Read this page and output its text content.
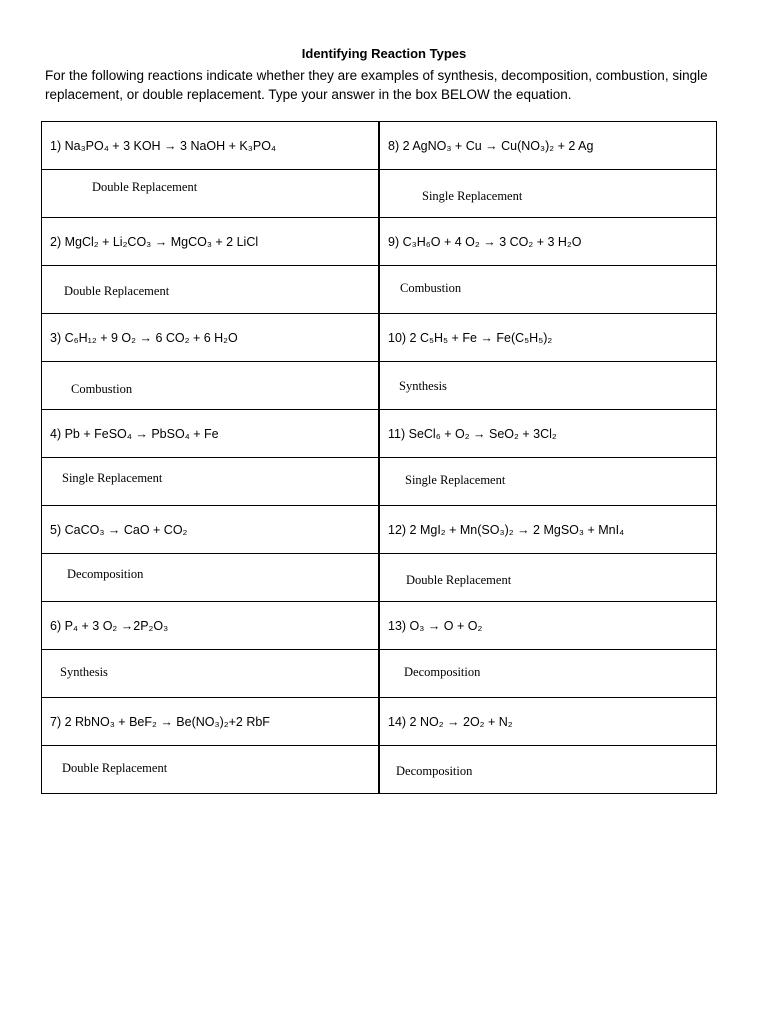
Identifying Reaction Types

For the following reactions indicate whether they are examples of synthesis, decomposition, combustion, single replacement, or double replacement. Type your answer in the box BELOW the equation.

1) Na₃PO₄ + 3 KOH → 3 NaOH + K₃PO₄	8) 2 AgNO₃ + Cu → Cu(NO₃)₂ + 2 Ag

Double Replacement	Single Replacement

2) MgCl₂ + Li₂CO₃ → MgCO₃ + 2 LiCl	9) C₃H₆O + 4 O₂ → 3 CO₂ + 3 H₂O

Double Replacement	Combustion

3) C₆H₁₂ + 9 O₂ → 6 CO₂ + 6 H₂O	10) 2 C₅H₅ + Fe → Fe(C₅H₅)₂

Combustion	Synthesis

4) Pb + FeSO₄ → PbSO₄ + Fe	11) SeCl₆ + O₂ → SeO₂ + 3Cl₂

Single Replacement	Single Replacement

5) CaCO₃ → CaO + CO₂	12) 2 MgI₂ + Mn(SO₃)₂ → 2 MgSO₃ + MnI₄

Decomposition	Double Replacement

6) P₄ + 3 O₂ →2P₂O₃	13) O₃ → O + O₂

Synthesis	Decomposition

7) 2 RbNO₃ + BeF₂ → Be(NO₃)₂+2 RbF	14) 2 NO₂ → 2O₂ + N₂

Double Replacement	Decomposition
